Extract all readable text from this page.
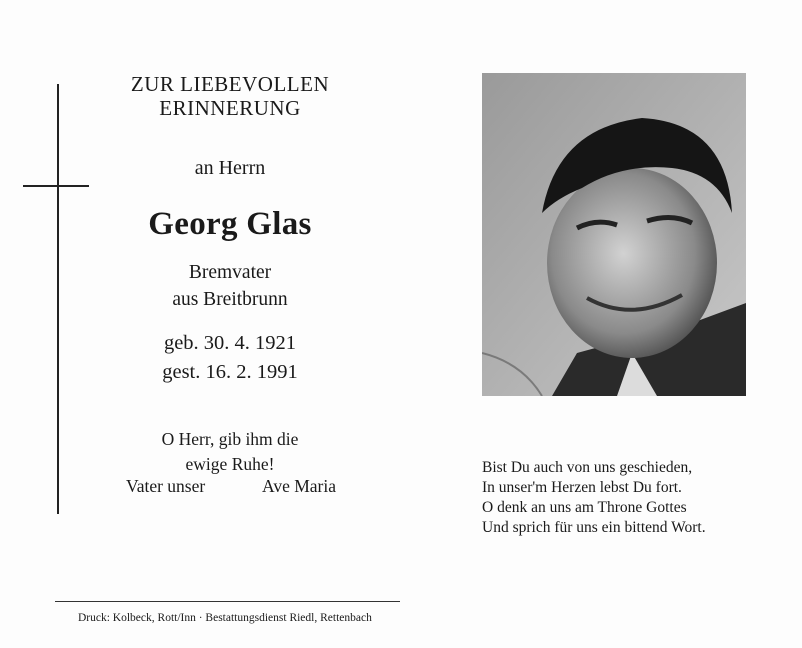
ZUR LIEBEVOLLEN
ERINNERUNG
an Herrn
Georg Glas
Bremvater
aus Breitbrunn
geb. 30. 4. 1921
gest. 16. 2. 1991
O Herr, gib ihm die
ewige Ruhe!
Vater unser	Ave Maria
Bist Du auch von uns geschieden,
In unser'm Herzen lebst Du fort.
O denk an uns am Throne Gottes
Und sprich für uns ein bittend Wort.
Druck: Kolbeck, Rott/Inn · Bestattungsdienst Riedl, Rettenbach
